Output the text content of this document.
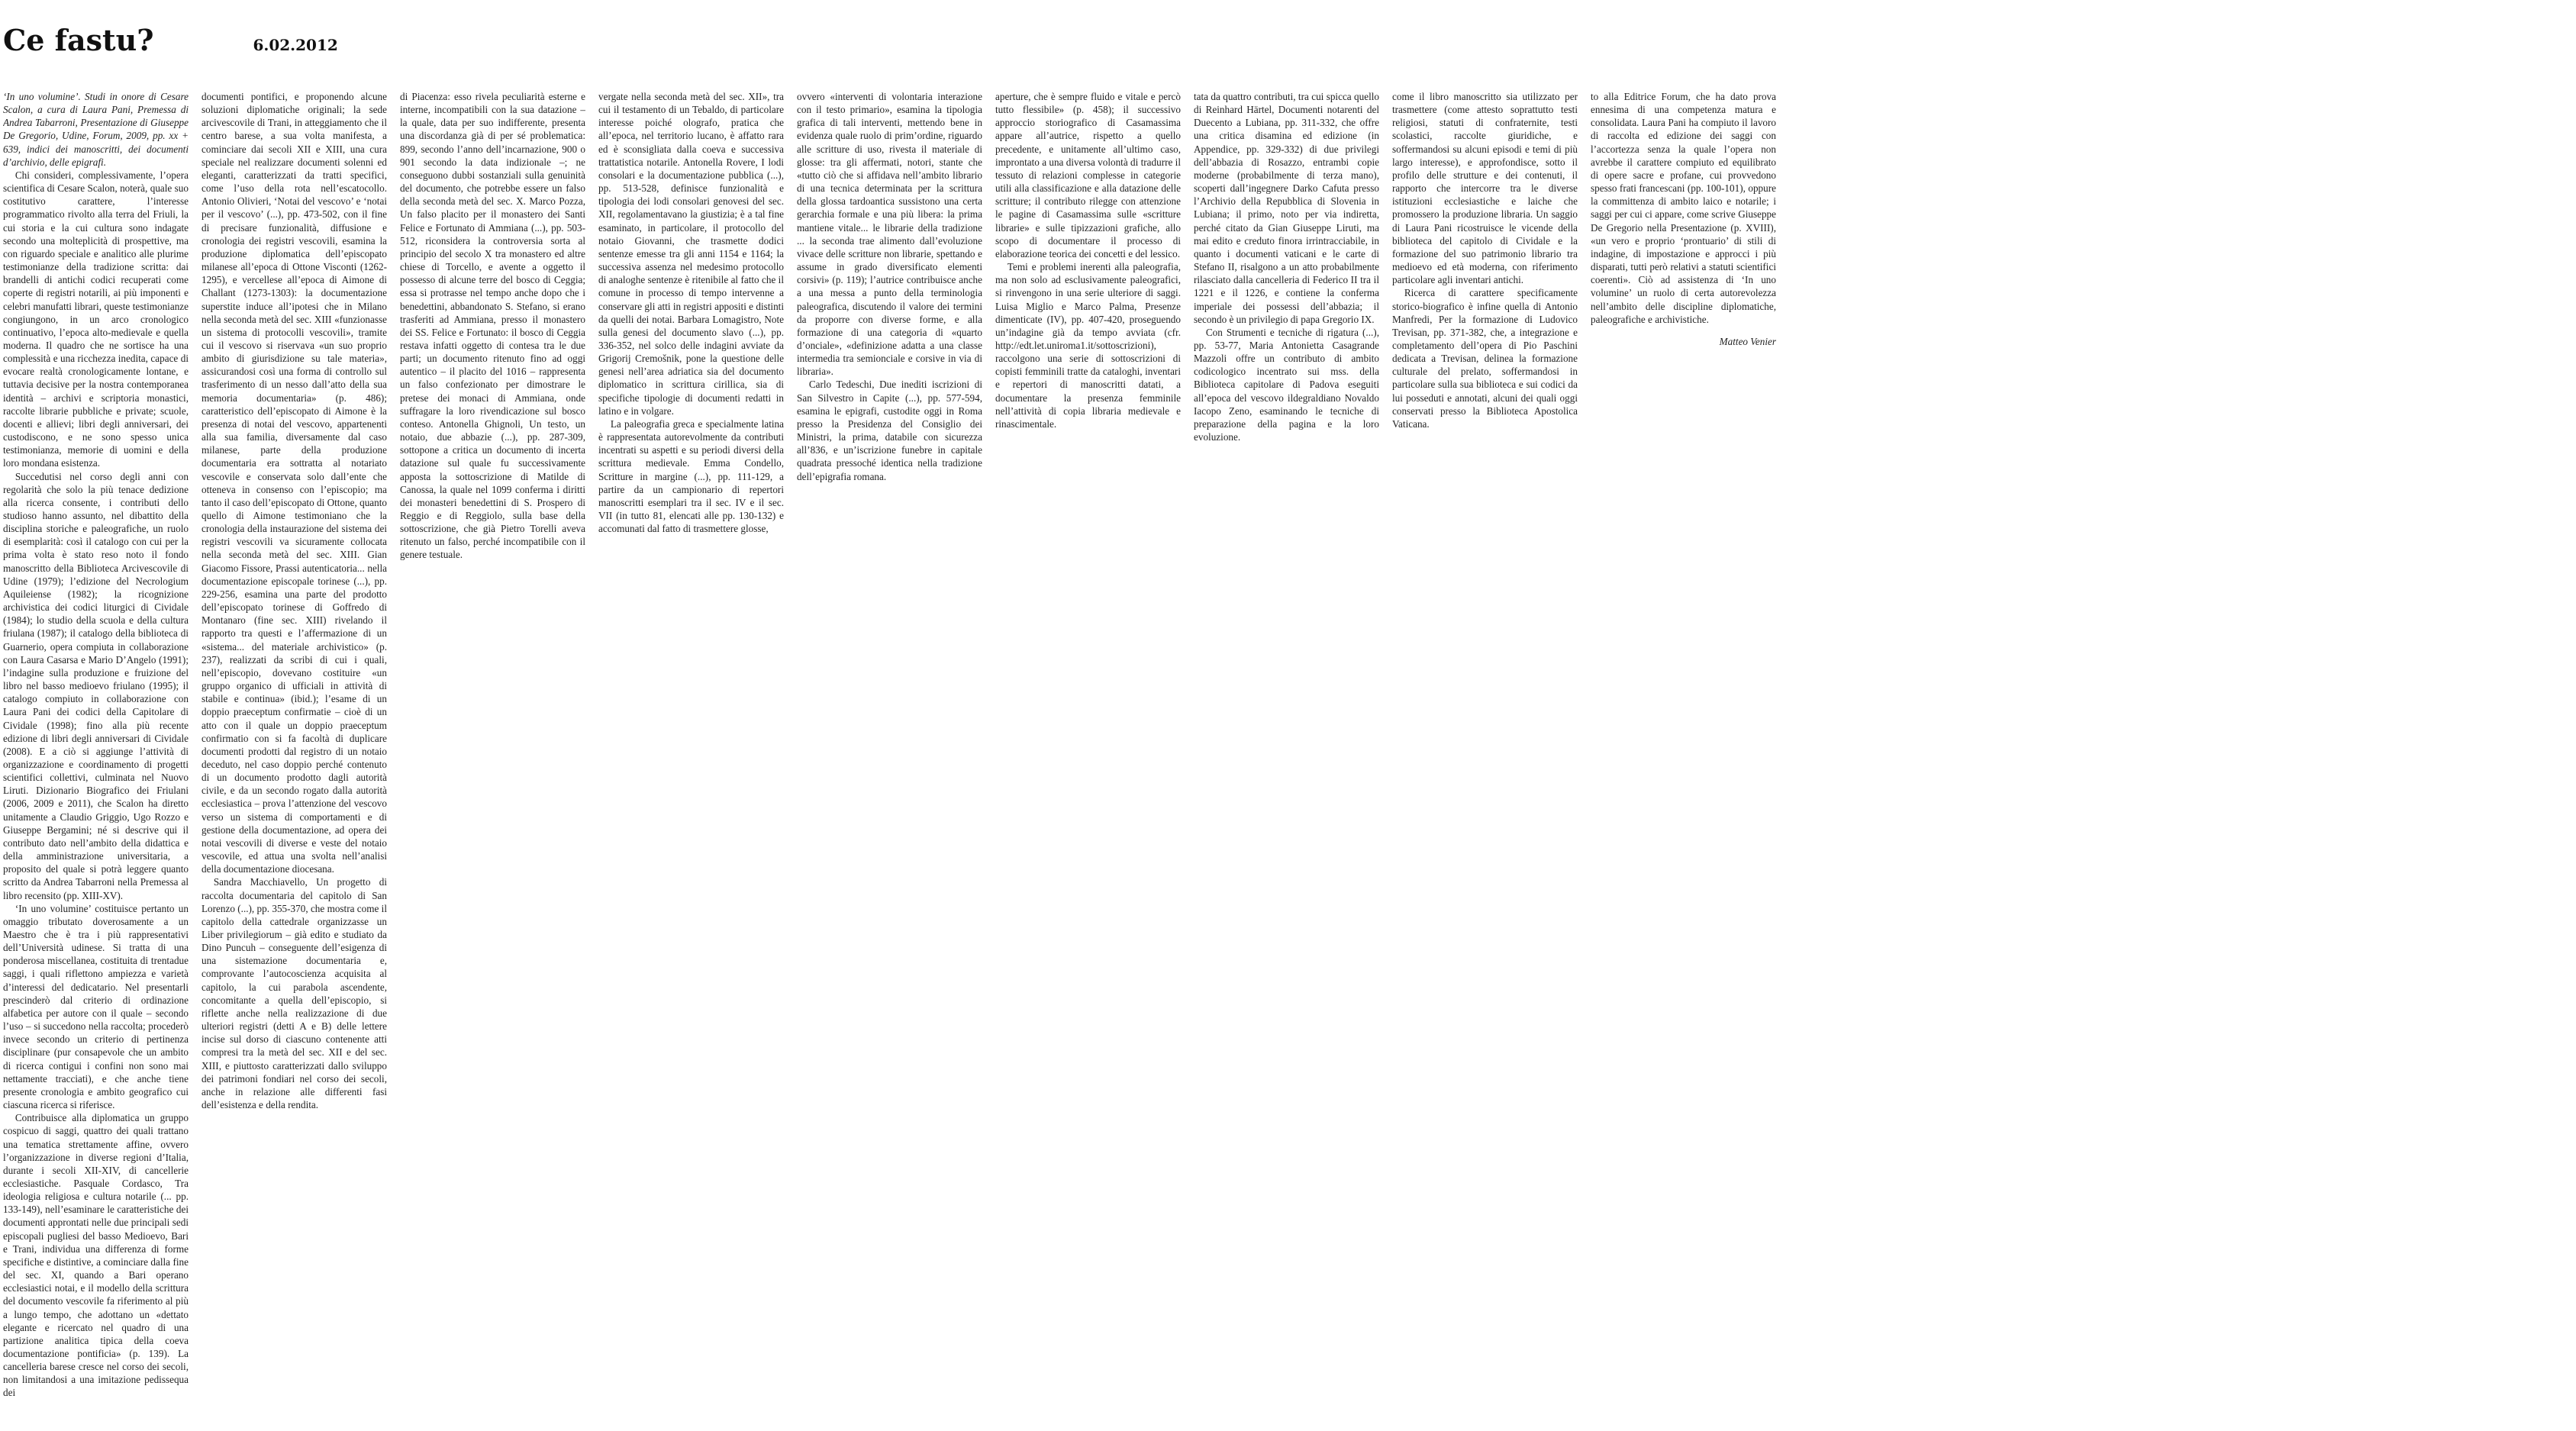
Ce fastu?	6.02.2012

‘In uno volumine’. Studi in onore di Cesare Scalon, a cura di Laura Pani, Premessa di Andrea Tabarroni, Presentazione di Giuseppe De Gregorio, Udine, Forum, 2009, pp. xx + 639, indici dei manoscritti, dei documenti d’archivio, delle epigrafi.

Chi consideri, complessivamente, l’opera scientifica di Cesare Scalon, noterà, quale suo costitutivo carattere, l’interesse programmatico rivolto alla terra del Friuli, la cui storia e la cui cultura sono indagate secondo una molteplicità di prospettive, ma con riguardo speciale e analitico alle plurime testimonianze della tradizione scritta: dai brandelli di antichi codici recuperati come coperte di registri notarili, ai più imponenti e celebri manufatti librari, queste testimonianze congiungono, in un arco cronologico continuativo, l’epoca alto-medievale e quella moderna. Il quadro che ne sortisce ha una complessità e una ricchezza inedita, capace di evocare realtà cronologicamente lontane, e tuttavia decisive per la nostra contemporanea identità – archivi e scriptoria monastici, raccolte librarie pubbliche e private; scuole, docenti e allievi; libri degli anniversari, dei custodiscono, e ne sono spesso unica testimonianza, memorie di uomini e della loro mondana esistenza.

Succedutisi nel corso degli anni con regolarità che solo la più tenace dedizione alla ricerca consente, i contributi dello studioso hanno assunto, nel dibattito della disciplina storiche e paleografiche, un ruolo di esemplarità: così il catalogo con cui per la prima volta è stato reso noto il fondo manoscritto della Biblioteca Arcivescovile di Udine (1979); l’edizione del Necrologium Aquileiense (1982); la ricognizione archivistica dei codici liturgici di Cividale (1984); lo studio della scuola e della cultura friulana (1987); il catalogo della biblioteca di Guarnerio, opera compiuta in collaborazione con Laura Casarsa e Mario D’Angelo (1991); l’indagine sulla produzione e fruizione del libro nel basso medioevo friulano (1995); il catalogo compiuto in collaborazione con Laura Pani dei codici della Capitolare di Cividale (1998); fino alla più recente edizione di libri degli anniversari di Cividale (2008). E a ciò si aggiunge l’attività di organizzazione e coordinamento di progetti scientifici collettivi, culminata nel Nuovo Liruti. Dizionario Biografico dei Friulani (2006, 2009 e 2011), che Scalon ha diretto unitamente a Claudio Griggio, Ugo Rozzo e Giuseppe Bergamini; né si descrive qui il contributo dato nell’ambito della didattica e della amministrazione universitaria, a proposito del quale si potrà leggere quanto scritto da Andrea Tabarroni nella Premessa al libro recensito (pp. XIII-XV).

‘In uno volumine’ costituisce pertanto un omaggio tributato doverosamente a un Maestro che è tra i più rappresentativi dell’Università udinese. Si tratta di una ponderosa miscellanea, costituita di trentadue saggi, i quali riflettono ampiezza e varietà d’interessi del dedicatario. Nel presentarli prescinderò dal criterio di ordinazione alfabetica per autore con il quale – secondo l’uso – si succedono nella raccolta; procederò invece secondo un criterio di pertinenza disciplinare (pur consapevole che un ambito di ricerca contigui i confini non sono mai nettamente tracciati), e che anche tiene presente cronologia e ambito geografico cui ciascuna ricerca si riferisce.

Contribuisce alla diplomatica un gruppo cospicuo di saggi, quattro dei quali trattano una tematica strettamente affine, ovvero l’organizzazione in diverse regioni d’Italia, durante i secoli XII-XIV, di cancellerie ecclesiastiche. Pasquale Cordasco, Tra ideologia religiosa e cultura notarile (... pp. 133-149), nell’esaminare le caratteristiche dei documenti approntati nelle due principali sedi episcopali pugliesi del basso Medioevo, Bari e Trani, individua una differenza di forme specifiche e distintive, a cominciare dalla fine del sec. XI, quando a Bari operano ecclesiastici notai, e il modello della scrittura del documento vescovile fa riferimento al più a lungo tempo, che adottano un «dettato elegante e ricercato nel quadro di una partizione analitica tipica della coeva documentazione pontificia» (p. 139). La cancelleria barese cresce nel corso dei secoli, non limitandosi a una imitazione pedissequa dei

documenti pontifici, e proponendo alcune soluzioni diplomatiche originali; la sede arcivescovile di Trani, in atteggiamento che il centro barese, a sua volta manifesta, a cominciare dai secoli XII e XIII, una cura speciale nel realizzare documenti solenni ed eleganti, caratterizzati da tratti specifici, come l’uso della rota nell’escatocollo. Antonio Olivieri, ‘Notai del vescovo’ e ‘notai per il vescovo’ (...), pp. 473-502, con il fine di precisare funzionalità, diffusione e cronologia dei registri vescovili, esamina la produzione diplomatica dell’episcopato milanese all’epoca di Ottone Visconti (1262-1295), e vercellese all’epoca di Aimone di Challant (1273-1303): la documentazione superstite induce all’ipotesi che in Milano nella seconda metà del sec. XIII «funzionasse un sistema di protocolli vescovili», tramite cui il vescovo si riservava «un suo proprio ambito di giurisdizione su tale materia», assicurandosi così una forma di controllo sul trasferimento di un nesso dall’atto della sua memoria documentaria» (p. 486); caratteristico dell’episcopato di Aimone è la presenza di notai del vescovo, appartenenti alla sua familia, diversamente dal caso milanese, parte della produzione documentaria era sottratta al notariato vescovile e conservata solo dall’ente che otteneva in consenso con l’episcopio; ma tanto il caso dell’episcopato di Ottone, quanto quello di Aimone testimoniano che la cronologia della instaurazione del sistema dei registri vescovili va sicuramente collocata nella seconda metà del sec. XIII. Gian Giacomo Fissore, Prassi autenticatoria... nella documentazione episcopale torinese (...), pp. 229-256, esamina una parte del prodotto dell’episcopato torinese di Goffredo di Montanaro (fine sec. XIII) rivelando il rapporto tra questi e l’affermazione di un «sistema... del materiale archivistico» (p. 237), realizzati da scribi di cui i quali, nell’episcopio, dovevano costituire «un gruppo organico di ufficiali in attività di stabile e continua» (ibid.); l’esame di un doppio praeceptum confirmatie – cioè di un atto con il quale un doppio praeceptum confirmatio con si fa facoltà di duplicare documenti prodotti dal registro di un notaio deceduto, nel caso doppio perché contenuto di un documento prodotto dagli autorità civile, e da un secondo rogato dalla autorità ecclesiastica – prova l’attenzione del vescovo verso un sistema di comportamenti e di gestione della documentazione, ad opera dei notai vescovili di diverse e veste del notaio vescovile, ed attua una svolta nell’analisi della documentazione diocesana.

Sandra Macchiavello, Un progetto di raccolta documentaria del capitolo di San Lorenzo (...), pp. 355-370, che mostra come il capitolo della cattedrale organizzasse un Liber privilegiorum – già edito e studiato da Dino Puncuh – conseguente dell’esigenza di una sistemazione documentaria e, comprovante l’autocoscienza acquisita al capitolo, la cui parabola ascendente, concomitante a quella dell’episcopio, si riflette anche nella realizzazione di due ulteriori registri (detti A e B) delle lettere incise sul dorso di ciascuno contenente atti compresi tra la metà del sec. XII e del sec. XIII, e piuttosto caratterizzati dallo sviluppo dei patrimoni fondiari nel corso dei secoli, anche in relazione alle differenti fasi dell’esistenza e della rendita.

di Piacenza: esso rivela peculiarità esterne e interne, incompatibili con la sua datazione – la quale, data per suo indifferente, presenta una discordanza già di per sé problematica: 899, secondo l’anno dell’incarnazione, 900 o 901 secondo la data indizionale –; ne conseguono dubbi sostanziali sulla genuinità del documento, che potrebbe essere un falso della seconda metà del sec. X. Marco Pozza, Un falso placito per il monastero dei Santi Felice e Fortunato di Ammiana (...), pp. 503-512, riconsidera la controversia sorta al principio del secolo X tra monastero ed altre chiese di Torcello, e avente a oggetto il possesso di alcune terre del bosco di Ceggia; essa si protrasse nel tempo anche dopo che i benedettini, abbandonato S. Stefano, si erano trasferiti ad Ammiana, presso il monastero dei SS. Felice e Fortunato: il bosco di Ceggia restava infatti oggetto di contesa tra le due parti; un documento ritenuto fino ad oggi autentico – il placito del 1016 – rappresenta un falso confezionato per dimostrare le pretese dei monaci di Ammiana, onde suffragare la loro rivendicazione sul bosco conteso. Antonella Ghignoli, Un testo, un notaio, due abbazie (...), pp. 287-309, sottopone a critica un documento di incerta datazione sul quale fu successivamente apposta la sottoscrizione di Matilde di Canossa, la quale nel 1099 conferma i diritti dei monasteri benedettini di S. Prospero di Reggio e di Reggiolo, sulla base della sottoscrizione, che già Pietro Torelli aveva ritenuto un falso, perché incompatibile con il genere testuale.

vergate nella seconda metà del sec. XII», tra cui il testamento di un Tebaldo, di particolare interesse poiché olografo, pratica che all’epoca, nel territorio lucano, è affatto rara ed è sconsigliata dalla coeva e successiva trattatistica notarile. Antonella Rovere, I lodi consolari e la documentazione pubblica (...), pp. 513-528, definisce funzionalità e tipologia dei lodi consolari genovesi del sec. XII, regolamentavano la giustizia; è a tal fine esaminato, in particolare, il protocollo del notaio Giovanni, che trasmette dodici sentenze emesse tra gli anni 1154 e 1164; la successiva assenza nel medesimo protocollo di analoghe sentenze è ritenibile al fatto che il comune in processo di tempo intervenne a conservare gli atti in registri appositi e distinti da quelli dei notai. Barbara Lomagistro, Note sulla genesi del documento slavo (...), pp. 336-352, nel solco delle indagini avviate da Grigoriј Cremošnik, pone la questione delle genesi nell’area adriatica sia del documento diplomatico in scrittura cirillica, sia di specifiche tipologie di documenti redatti in latino e in volgare.

La paleografia greca e specialmente latina è rappresentata autorevolmente da contributi incentrati su aspetti e su periodi diversi della scrittura medievale. Emma Condello, Scritture in margine (...), pp. 111-129, a partire da un campionario di repertori manoscritti esemplari tra il sec. IV e il sec. VII (in tutto 81, elencati alle pp. 130-132) e accomunati dal fatto di trasmettere glosse,

ovvero «interventi di volontaria interazione con il testo primario», esamina la tipologia grafica di tali interventi, mettendo bene in evidenza quale ruolo di prim’ordine, riguardo alle scritture di uso, rivesta il materiale di glosse: tra gli affermati, notori, stante che «tutto ciò che si affidava nell’ambito librario di una tecnica determinata per la scrittura della glossa tardoantica sussistono una certa gerarchia formale e una più libera: la prima mantiene vitale... le librarie della tradizione ... la seconda trae alimento dall’evoluzione vivace delle scritture non librarie, spettando e assume in grado diversificato elementi corsivi» (p. 119); l’autrice contribuisce anche a una messa a punto della terminologia paleografica, discutendo il valore dei termini da proporre con diverse forme, e alla formazione di una categoria di «quarto d’onciale», «definizione adatta a una classe intermedia tra semionciale e corsive in via di libraria».

Carlo Tedeschi, Due inediti iscrizioni di San Silvestro in Capite (...), pp. 577-594, esamina le epigrafi, custodite oggi in Roma presso la Presidenza del Consiglio dei Ministri, la prima, databile con sicurezza all’836, e un’iscrizione funebre in capitale quadrata pressoché identica nella tradizione dell’epigrafia romana.

aperture, che è sempre fluido e vitale e percò tutto flessibile» (p. 458); il successivo approccio storiografico di Casamassima appare all’autrice, rispetto a quello precedente, e unitamente all’ultimo caso, improntato a una diversa volontà di tradurre il tessuto di relazioni complesse in categorie utili alla classificazione e alla datazione delle scritture; il contributo rilegge con attenzione le pagine di Casamassima sulle «scritture librarie» e sulle tipizzazioni grafiche, allo scopo di documentare il processo di elaborazione teorica dei concetti e del lessico.

Temi e problemi inerenti alla paleografia, ma non solo ad esclusivamente paleografici, si rinvengono in una serie ulteriore di saggi. Luisa Miglio e Marco Palma, Presenze dimenticate (IV), pp. 407-420, proseguendo un’indagine già da tempo avviata (cfr. http://edt.let.uniroma1.it/sottoscrizioni), raccolgono una serie di sottoscrizioni di copisti femminili tratte da cataloghi, inventari e repertori di manoscritti datati, a documentare la presenza femminile nell’attività di copia libraria medievale e rinascimentale.

tata da quattro contributi, tra cui spicca quello di Reinhard Härtel, Documenti notarenti del Duecento a Lubiana, pp. 311-332, che offre una critica disamina ed edizione (in Appendice, pp. 329-332) di due privilegi dell’abbazia di Rosazzo, entrambi copie moderne (probabilmente di terza mano), scoperti dall’ingegnere Darko Cafuta presso l’Archivio della Repubblica di Slovenia in Lubiana; il primo, noto per via indiretta, perché citato da Gian Giuseppe Liruti, ma mai edito e creduto finora irrintracciabile, in quanto i documenti vaticani e le carte di Stefano II, risalgono a un atto probabilmente rilasciato dalla cancelleria di Federico II tra il 1221 e il 1226, e contiene la conferma imperiale dei possessi dell’abbazia; il secondo è un privilegio di papa Gregorio IX.

Con Strumenti e tecniche di rigatura (...), pp. 53-77, Maria Antonietta Casagrande Mazzoli offre un contributo di ambito codicologico incentrato sui mss. della Biblioteca capitolare di Padova eseguiti all’epoca del vescovo ildegraldiano Novaldo Iacopo Zeno, esaminando le tecniche di preparazione della pagina e la loro evoluzione.

come il libro manoscritto sia utilizzato per trasmettere (come attesto soprattutto testi religiosi, statuti di confraternite, testi scolastici, raccolte giuridiche, e soffermandosi su alcuni episodi e temi di più largo interesse), e approfondisce, sotto il profilo delle strutture e dei contenuti, il rapporto che intercorre tra le diverse istituzioni ecclesiastiche e laiche che promossero la produzione libraria. Un saggio di Laura Pani ricostruisce le vicende della biblioteca del capitolo di Cividale e la formazione del suo patrimonio librario tra medioevo ed età moderna, con riferimento particolare agli inventari antichi.

Ricerca di carattere specificamente storico-biografico è infine quella di Antonio Manfredi, Per la formazione di Ludovico Trevisan, pp. 371-382, che, a integrazione e completamento dell’opera di Pio Paschini dedicata a Trevisan, delinea la formazione culturale del prelato, soffermandosi in particolare sulla sua biblioteca e sui codici da lui posseduti e annotati, alcuni dei quali oggi conservati presso la Biblioteca Apostolica Vaticana.

to alla Editrice Forum, che ha dato prova ennesima di una competenza matura e consolidata. Laura Pani ha compiuto il lavoro di raccolta ed edizione dei saggi con l’accortezza senza la quale l’opera non avrebbe il carattere compiuto ed equilibrato di opere sacre e profane, cui provvedono spesso frati francescani (pp. 100-101), oppure la committenza di ambito laico e notarile; i saggi per cui ci appare, come scrive Giuseppe De Gregorio nella Presentazione (p. XVIII), «un vero e proprio ‘prontuario’ di stili di indagine, di impostazione e approcci i più disparati, tutti però relativi a statuti scientifici coerenti». Ciò ad assistenza di ‘In uno volumine’ un ruolo di certa autorevolezza nell’ambito delle discipline diplomatiche, paleografiche e archivistiche.

Matteo Venier
